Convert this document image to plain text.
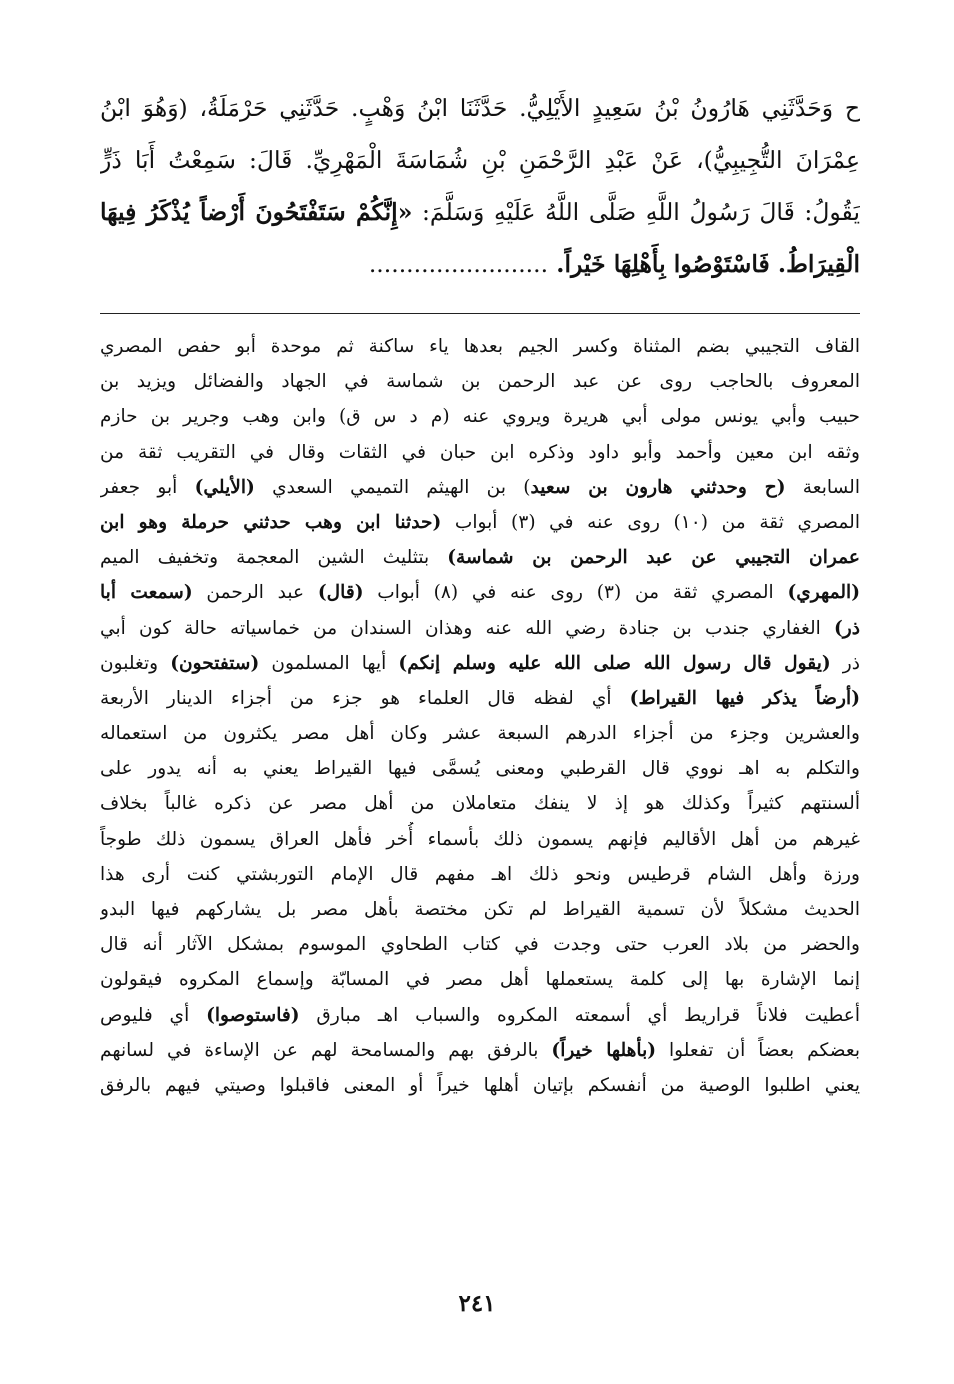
ح وَحَدَّثَنِي هَارُونُ بْنُ سَعِيدٍ الأَيْلِيُّ. حَدَّثَنَا ابْنُ وَهْبٍ. حَدَّثَنِي حَرْمَلَةُ، (وَهُوَ ابْنُ
عِمْرَانَ التُّجِيبِيُّ)، عَنْ عَبْدِ الرَّحْمَنِ بْنِ شُمَاسَةَ الْمَهْرِيِّ. قَالَ: سَمِعْتُ أَبَا ذَرٍّ
يَقُولُ: قَالَ رَسُولُ اللَّهِ صَلَّى اللَّهُ عَلَيْهِ وَسَلَّمَ: «إِنَّكُمْ سَتَفْتَحُونَ أَرْضاً يُذْكَرُ فِيهَا
الْقِيرَاطُ. فَاسْتَوْصُوا بِأَهْلِهَا خَيْراً. ........................
القاف التجيبي بضم المثناة وكسر الجيم بعدها ياء ساكنة ثم موحدة أبو حفص المصري
المعروف بالحاجب روى عن عبد الرحمن بن شماسة في الجهاد والفضائل ويزيد بن
حبيب وأبي يونس مولى أبي هريرة ويروي عنه (م د س ق) وابن وهب وجرير بن حازم
وثقه ابن معين وأحمد وأبو داود وذكره ابن حبان في الثقات وقال في التقريب ثقة من
السابعة (ح وحدثني هارون بن سعيد) بن الهيثم التميمي السعدي (الأيلي) أبو جعفر
المصري ثقة من (١٠) روى عنه في (٣) أبواب (حدثنا ابن وهب حدثني حرملة وهو ابن
عمران التجيبي عن عبد الرحمن بن شماسة) بتثليث الشين المعجمة وتخفيف الميم
(المهري) المصري ثقة من (٣) روى عنه في (٨) أبواب (قال) عبد الرحمن (سمعت أبا
ذر) الغفاري جندب بن جنادة رضي الله عنه وهذان السندان من خماسياته حالة كون أبي
ذر (يقول قال رسول الله صلى الله عليه وسلم إنكم) أيها المسلمون (ستفتحون) وتغلبون
(أرضاً يذكر فيها القيراط) أي لفظه قال العلماء هو جزء من أجزاء الدينار الأربعة
والعشرين وجزء من أجزاء الدرهم السبعة عشر وكان أهل مصر يكثرون من استعماله
والتكلم به اهـ نووي قال القرطبي ومعنى يُسمَّى فيها القيراط يعني به أنه يدور على
ألسنتهم كثيراً وكذلك هو إذ لا ينفك متعاملان من أهل مصر عن ذكره غالباً بخلاف
غيرهم من أهل الأقاليم فإنهم يسمون ذلك بأسماء أُخر فأهل العراق يسمون ذلك طوجاً
ورزة وأهل الشام قرطيس ونحو ذلك اهـ مفهم قال الإمام التوربشتي كنت أرى هذا
الحديث مشكلاً لأن تسمية القيراط لم تكن مختصة بأهل مصر بل يشاركهم فيها البدو
والحضر من بلاد العرب حتى وجدت في كتاب الطحاوي الموسوم بمشكل الآثار أنه قال
إنما الإشارة بها إلى كلمة يستعملها أهل مصر في المسابّة وإسماع المكروه فيقولون
أعطيت فلاناً قراريط أي أسمعته المكروه والسباب اهـ مبارق (فاستوصوا) أي فليوص
بعضكم بعضاً أن تفعلوا (بأهلها خيراً) بالرفق بهم والمسامحة لهم عن الإساءة في لسانهم
يعني اطلبوا الوصية من أنفسكم بإتيان أهلها خيراً أو المعنى فاقبلوا وصيتي فيهم بالرفق
٢٤١
